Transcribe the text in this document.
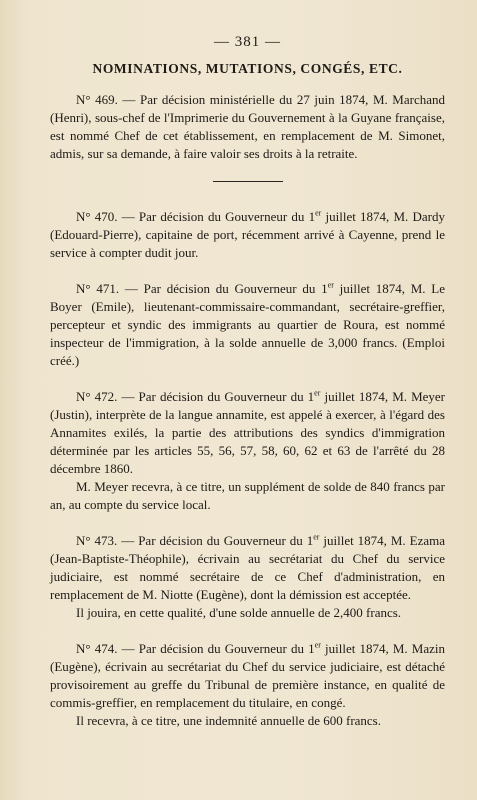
— 381 —
NOMINATIONS, MUTATIONS, CONGÉS, ETC.

N° 469. — Par décision ministérielle du 27 juin 1874, M. Marchand (Henri), sous-chef de l'Imprimerie du Gouvernement à la Guyane française, est nommé Chef de cet établissement, en remplacement de M. Simonet, admis, sur sa demande, à faire valoir ses droits à la retraite.

N° 470. — Par décision du Gouverneur du 1er juillet 1874, M. Dardy (Edouard-Pierre), capitaine de port, récemment arrivé à Cayenne, prend le service à compter dudit jour.

N° 471. — Par décision du Gouverneur du 1er juillet 1874, M. Le Boyer (Emile), lieutenant-commissaire-commandant, secrétaire-greffier, percepteur et syndic des immigrants au quartier de Roura, est nommé inspecteur de l'immigration, à la solde annuelle de 3,000 francs. (Emploi créé.)

N° 472. — Par décision du Gouverneur du 1er juillet 1874, M. Meyer (Justin), interprète de la langue annamite, est appelé à exercer, à l'égard des Annamites exilés, la partie des attributions des syndics d'immigration déterminée par les articles 55, 56, 57, 58, 60, 62 et 63 de l'arrêté du 28 décembre 1860.

M. Meyer recevra, à ce titre, un supplément de solde de 840 francs par an, au compte du service local.

N° 473. — Par décision du Gouverneur du 1er juillet 1874, M. Ezama (Jean-Baptiste-Théophile), écrivain au secrétariat du Chef du service judiciaire, est nommé secrétaire de ce Chef d'administration, en remplacement de M. Niotte (Eugène), dont la démission est acceptée.

Il jouira, en cette qualité, d'une solde annuelle de 2,400 francs.

N° 474. — Par décision du Gouverneur du 1er juillet 1874, M. Mazin (Eugène), écrivain au secrétariat du Chef du service judiciaire, est détaché provisoirement au greffe du Tribunal de première instance, en qualité de commis-greffier, en remplacement du titulaire, en congé.

Il recevra, à ce titre, une indemnité annuelle de 600 francs.
